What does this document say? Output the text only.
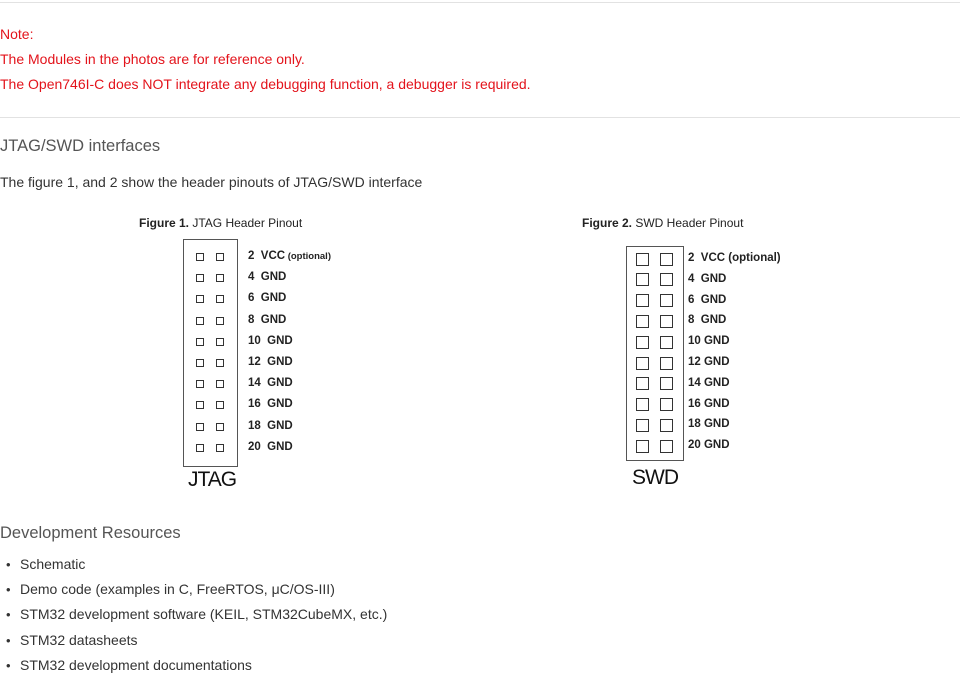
Note:
The Modules in the photos are for reference only.
The Open746I-C does NOT integrate any debugging function, a debugger is required.
JTAG/SWD interfaces
The figure 1, and 2 show the header pinouts of JTAG/SWD interface
Figure 1. JTAG Header Pinout
2  VCC (optional)
4  GND
6  GND
8  GND
10  GND
12  GND
14  GND
16  GND
18  GND
20  GND
JTAG
Figure 2. SWD Header Pinout
2  VCC (optional)
4  GND
6  GND
8  GND
10 GND
12 GND
14 GND
16 GND
18 GND
20 GND
SWD
Development Resources
• Schematic
• Demo code (examples in C, FreeRTOS, μC/OS-III)
• STM32 development software (KEIL, STM32CubeMX, etc.)
• STM32 datasheets
• STM32 development documentations
